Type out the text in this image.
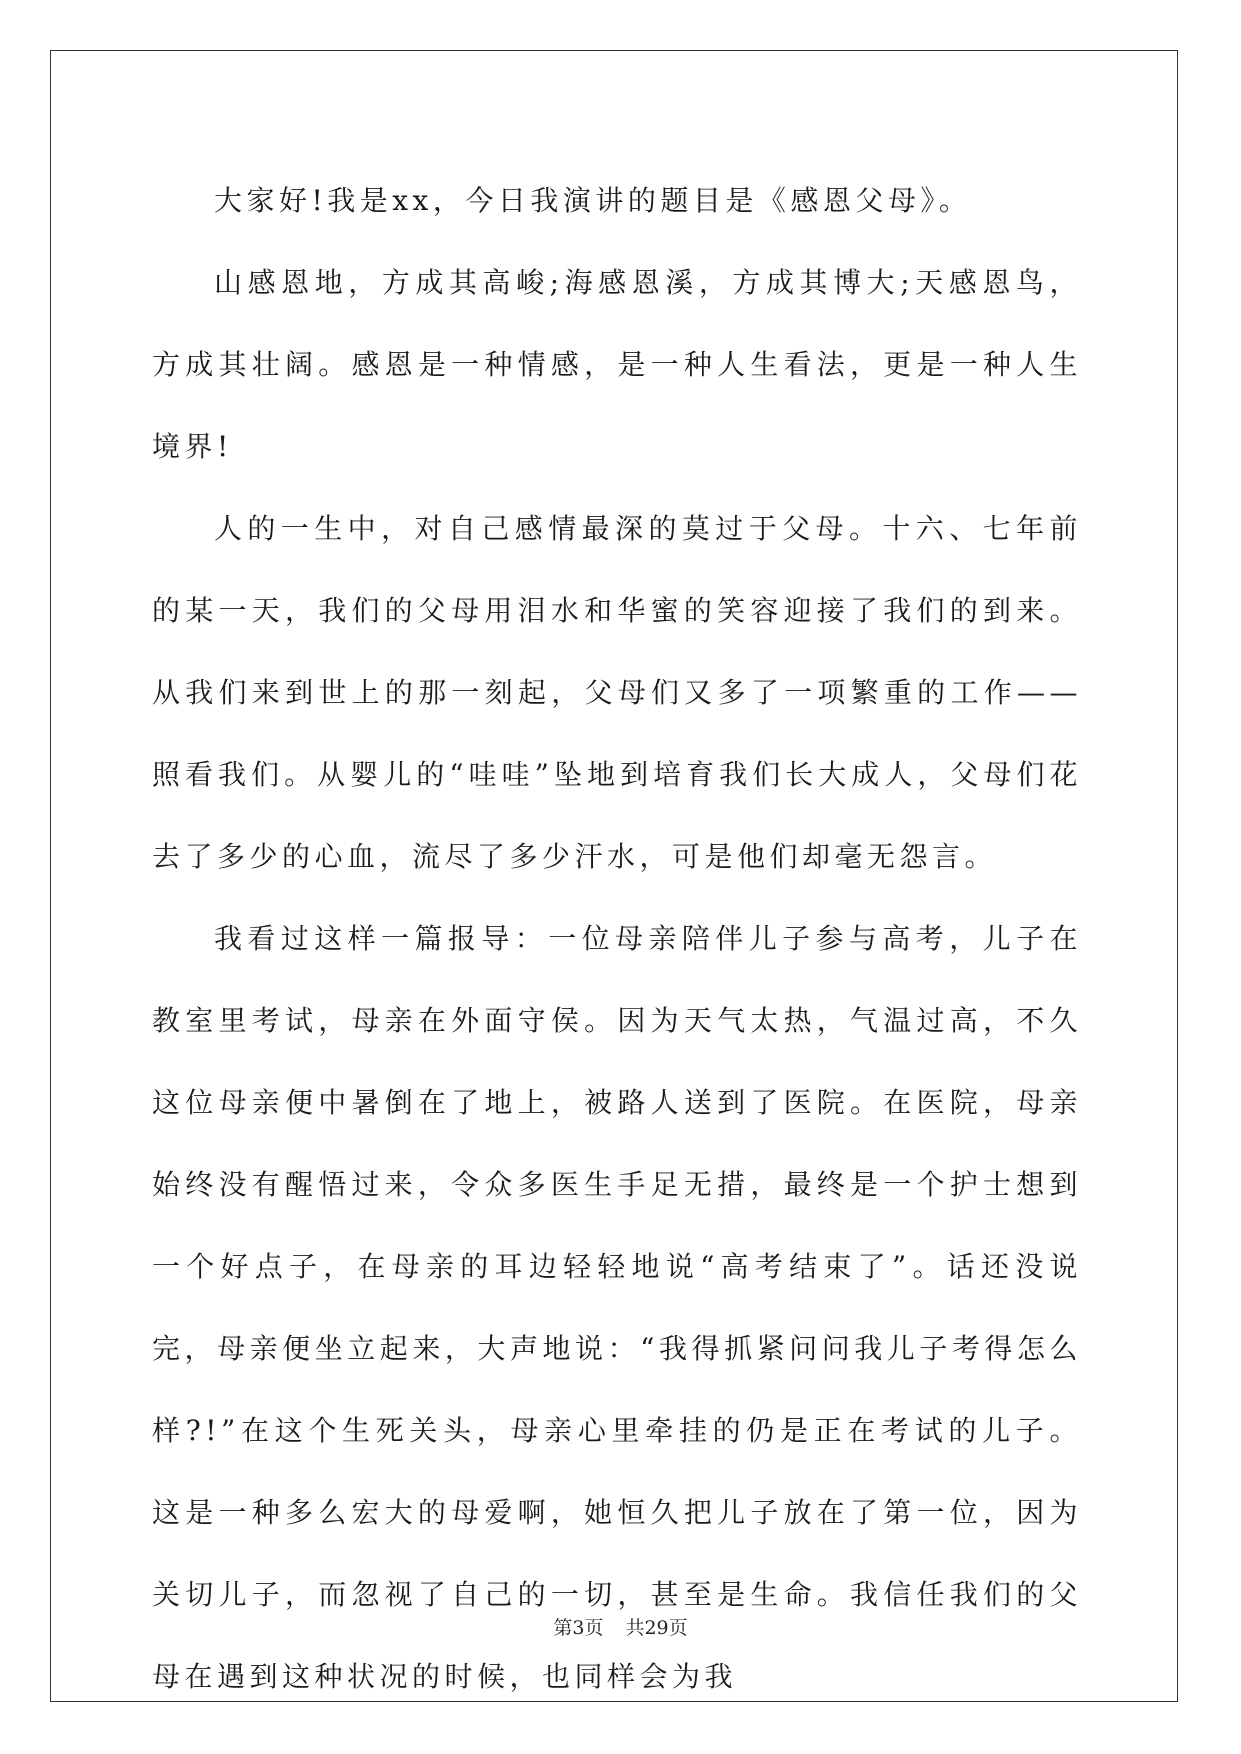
大家好!我是xx，今日我演讲的题目是《感恩父母》。

山感恩地，方成其高峻;海感恩溪，方成其博大;天感恩鸟，方成其壮阔。感恩是一种情感，是一种人生看法，更是一种人生境界!

人的一生中，对自己感情最深的莫过于父母。十六、七年前的某一天，我们的父母用泪水和华蜜的笑容迎接了我们的到来。从我们来到世上的那一刻起，父母们又多了一项繁重的工作——照看我们。从婴儿的“哇哇”坠地到培育我们长大成人，父母们花去了多少的心血，流尽了多少汗水，可是他们却毫无怨言。

我看过这样一篇报导：一位母亲陪伴儿子参与高考，儿子在教室里考试，母亲在外面守侯。因为天气太热，气温过高，不久这位母亲便中暑倒在了地上，被路人送到了医院。在医院，母亲始终没有醒悟过来，令众多医生手足无措，最终是一个护士想到一个好点子，在母亲的耳边轻轻地说“高考结束了”。话还没说完，母亲便坐立起来，大声地说：“我得抓紧问问我儿子考得怎么样?!”在这个生死关头，母亲心里牵挂的仍是正在考试的儿子。这是一种多么宏大的母爱啊，她恒久把儿子放在了第一位，因为关切儿子，而忽视了自己的一切，甚至是生命。我信任我们的父母在遇到这种状况的时候，也同样会为我

第3页 共29页
